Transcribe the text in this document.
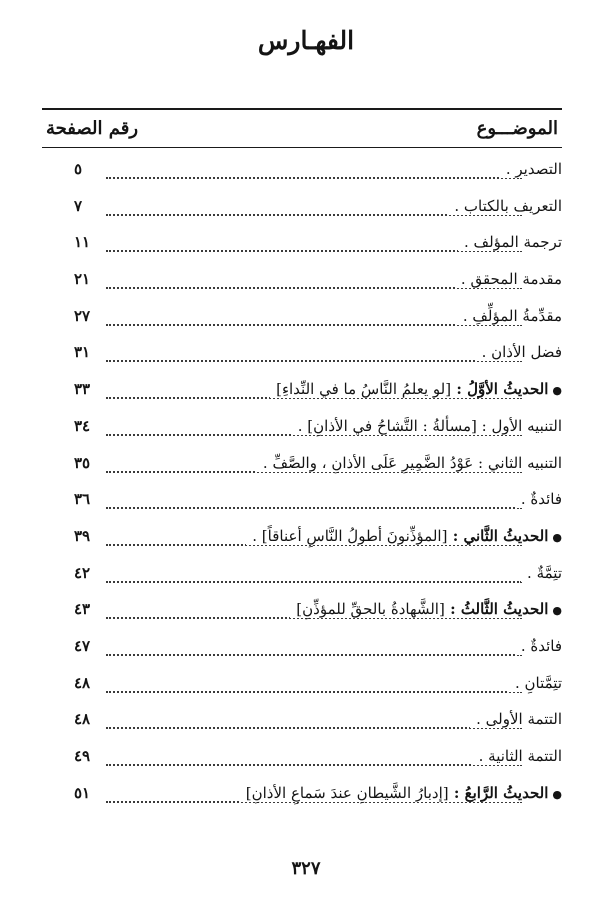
الفهـارس
الموضـــوع
رقم الصفحة
التصدير .
٥
التعريف بالكتاب .
٧
ترجمة المؤلف .
١١
مقدمة المحقق .
٢١
مقدِّمةُ المؤلِّفِ .
٢٧
فضل الأذان .
٣١
●الحديثُ الأوَّلُ : [لو يعلمُ النَّاسُ ما في النِّداءِ]
٣٣
التنبيه الأول : [مسألةُ : التَّشاحُ في الأذانِ] .
٣٤
التنبيه الثاني : عَوْدُ الضَّمِيرِ عَلَى الأذانِ ، والصَّفِّ .
٣٥
فائدةٌ .
٣٦
●الحديثُ الثَّاني : [المؤذِّنونَ أطولُ النَّاسِ أعناقاً] .
٣٩
تتِمَّةٌ .
٤٢
●الحديثُ الثَّالثُ : [الشَّهادةُ بالحقِّ للمؤذِّنِ]
٤٣
فائدةٌ .
٤٧
تتِمَّتانِ .
٤٨
التتمة الأولى .
٤٨
التتمة الثانية .
٤٩
●الحديثُ الرَّابعُ : [إدبارُ الشَّيطانِ عندَ سَماعِ الأذانِ]
٥١
٣٢٧
